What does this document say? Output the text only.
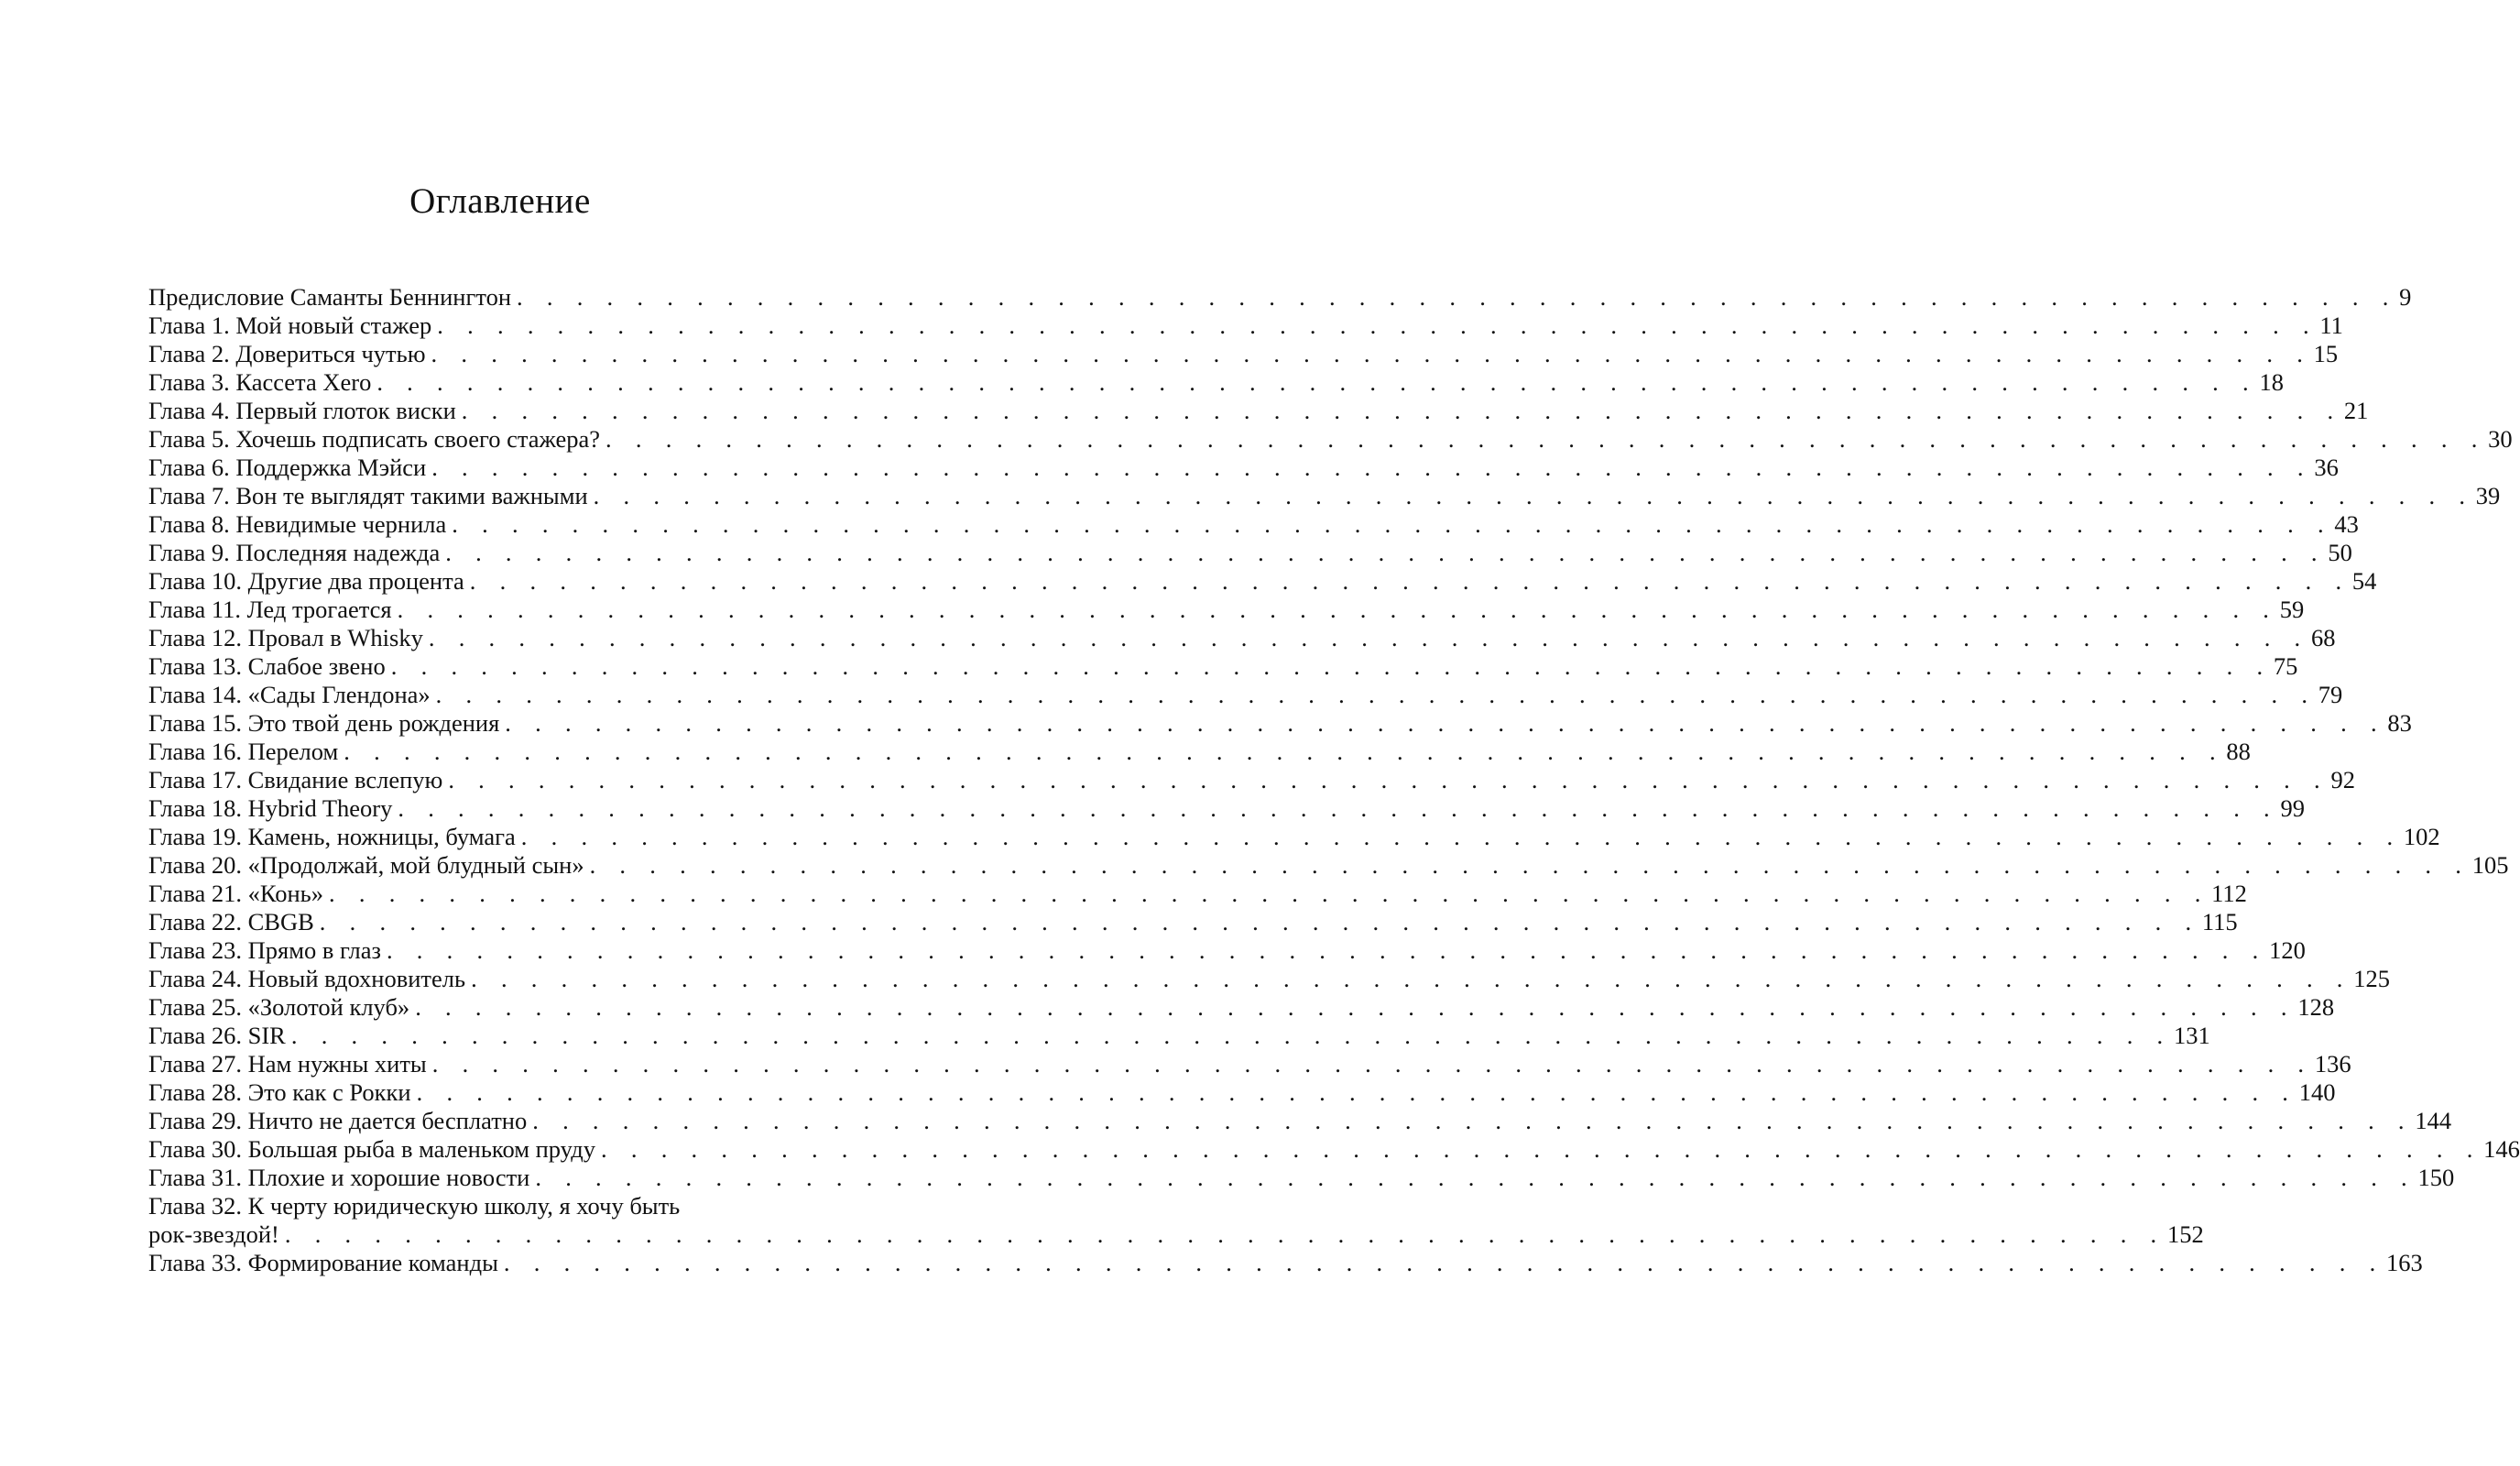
Оглавление
Предисловие Саманты Беннингтон . . . . . . . . . . . . . . . . . . . . . . . . . . . . . . . . . . . . . . . . . . . . . . . . . . . . . . . . . . . . . . . 9
Глава 1. Мой новый стажер . . . . . . . . . . . . . . . . . . . . . . . . . . . . . . . . . . . . . . . . . . . . . . . . . . . . . . . . . . . . . . . 11
Глава 2. Довериться чутью . . . . . . . . . . . . . . . . . . . . . . . . . . . . . . . . . . . . . . . . . . . . . . . . . . . . . . . . . . . . . . . 15
Глава 3. Кассета Xero . . . . . . . . . . . . . . . . . . . . . . . . . . . . . . . . . . . . . . . . . . . . . . . . . . . . . . . . . . . . . . . 18
Глава 4. Первый глоток виски . . . . . . . . . . . . . . . . . . . . . . . . . . . . . . . . . . . . . . . . . . . . . . . . . . . . . . . . . . . . . . . 21
Глава 5. Хочешь подписать своего стажера? . . . . . . . . . . . . . . . . . . . . . . . . . . . . . . . . . . . . . . . . . . . . . . . . . . . . . . . . . . . . . . . 30
Глава 6. Поддержка Мэйси . . . . . . . . . . . . . . . . . . . . . . . . . . . . . . . . . . . . . . . . . . . . . . . . . . . . . . . . . . . . . . . 36
Глава 7. Вон те выглядят такими важными . . . . . . . . . . . . . . . . . . . . . . . . . . . . . . . . . . . . . . . . . . . . . . . . . . . . . . . . . . . . . . . 39
Глава 8. Невидимые чернила . . . . . . . . . . . . . . . . . . . . . . . . . . . . . . . . . . . . . . . . . . . . . . . . . . . . . . . . . . . . . . . 43
Глава 9. Последняя надежда . . . . . . . . . . . . . . . . . . . . . . . . . . . . . . . . . . . . . . . . . . . . . . . . . . . . . . . . . . . . . . . 50
Глава 10. Другие два процента . . . . . . . . . . . . . . . . . . . . . . . . . . . . . . . . . . . . . . . . . . . . . . . . . . . . . . . . . . . . . . . 54
Глава 11. Лед трогается . . . . . . . . . . . . . . . . . . . . . . . . . . . . . . . . . . . . . . . . . . . . . . . . . . . . . . . . . . . . . . . 59
Глава 12. Провал в Whisky . . . . . . . . . . . . . . . . . . . . . . . . . . . . . . . . . . . . . . . . . . . . . . . . . . . . . . . . . . . . . . . 68
Глава 13. Слабое звено . . . . . . . . . . . . . . . . . . . . . . . . . . . . . . . . . . . . . . . . . . . . . . . . . . . . . . . . . . . . . . . 75
Глава 14. «Сады Глендона» . . . . . . . . . . . . . . . . . . . . . . . . . . . . . . . . . . . . . . . . . . . . . . . . . . . . . . . . . . . . . . . 79
Глава 15. Это твой день рождения . . . . . . . . . . . . . . . . . . . . . . . . . . . . . . . . . . . . . . . . . . . . . . . . . . . . . . . . . . . . . . . 83
Глава 16. Перелом . . . . . . . . . . . . . . . . . . . . . . . . . . . . . . . . . . . . . . . . . . . . . . . . . . . . . . . . . . . . . . . 88
Глава 17. Свидание вслепую . . . . . . . . . . . . . . . . . . . . . . . . . . . . . . . . . . . . . . . . . . . . . . . . . . . . . . . . . . . . . . . 92
Глава 18. Hybrid Theory . . . . . . . . . . . . . . . . . . . . . . . . . . . . . . . . . . . . . . . . . . . . . . . . . . . . . . . . . . . . . . . 99
Глава 19. Камень, ножницы, бумага . . . . . . . . . . . . . . . . . . . . . . . . . . . . . . . . . . . . . . . . . . . . . . . . . . . . . . . . . . . . . . . 102
Глава 20. «Продолжай, мой блудный сын» . . . . . . . . . . . . . . . . . . . . . . . . . . . . . . . . . . . . . . . . . . . . . . . . . . . . . . . . . . . . . . . 105
Глава 21. «Конь» . . . . . . . . . . . . . . . . . . . . . . . . . . . . . . . . . . . . . . . . . . . . . . . . . . . . . . . . . . . . . . . 112
Глава 22. CBGB . . . . . . . . . . . . . . . . . . . . . . . . . . . . . . . . . . . . . . . . . . . . . . . . . . . . . . . . . . . . . . . 115
Глава 23. Прямо в глаз . . . . . . . . . . . . . . . . . . . . . . . . . . . . . . . . . . . . . . . . . . . . . . . . . . . . . . . . . . . . . . . 120
Глава 24. Новый вдохновитель . . . . . . . . . . . . . . . . . . . . . . . . . . . . . . . . . . . . . . . . . . . . . . . . . . . . . . . . . . . . . . . 125
Глава 25. «Золотой клуб» . . . . . . . . . . . . . . . . . . . . . . . . . . . . . . . . . . . . . . . . . . . . . . . . . . . . . . . . . . . . . . . 128
Глава 26. SIR . . . . . . . . . . . . . . . . . . . . . . . . . . . . . . . . . . . . . . . . . . . . . . . . . . . . . . . . . . . . . . . 131
Глава 27. Нам нужны хиты . . . . . . . . . . . . . . . . . . . . . . . . . . . . . . . . . . . . . . . . . . . . . . . . . . . . . . . . . . . . . . . 136
Глава 28. Это как с Рокки . . . . . . . . . . . . . . . . . . . . . . . . . . . . . . . . . . . . . . . . . . . . . . . . . . . . . . . . . . . . . . . 140
Глава 29. Ничто не дается бесплатно . . . . . . . . . . . . . . . . . . . . . . . . . . . . . . . . . . . . . . . . . . . . . . . . . . . . . . . . . . . . . . . 144
Глава 30. Большая рыба в маленьком пруду . . . . . . . . . . . . . . . . . . . . . . . . . . . . . . . . . . . . . . . . . . . . . . . . . . . . . . . . . . . . . . . 146
Глава 31. Плохие и хорошие новости . . . . . . . . . . . . . . . . . . . . . . . . . . . . . . . . . . . . . . . . . . . . . . . . . . . . . . . . . . . . . . . 150
Глава 32. К черту юридическую школу, я хочу быть
рок-звездой! . . . . . . . . . . . . . . . . . . . . . . . . . . . . . . . . . . . . . . . . . . . . . . . . . . . . . . . . . . . . . . . 152
Глава 33. Формирование команды . . . . . . . . . . . . . . . . . . . . . . . . . . . . . . . . . . . . . . . . . . . . . . . . . . . . . . . . . . . . . . . 163
